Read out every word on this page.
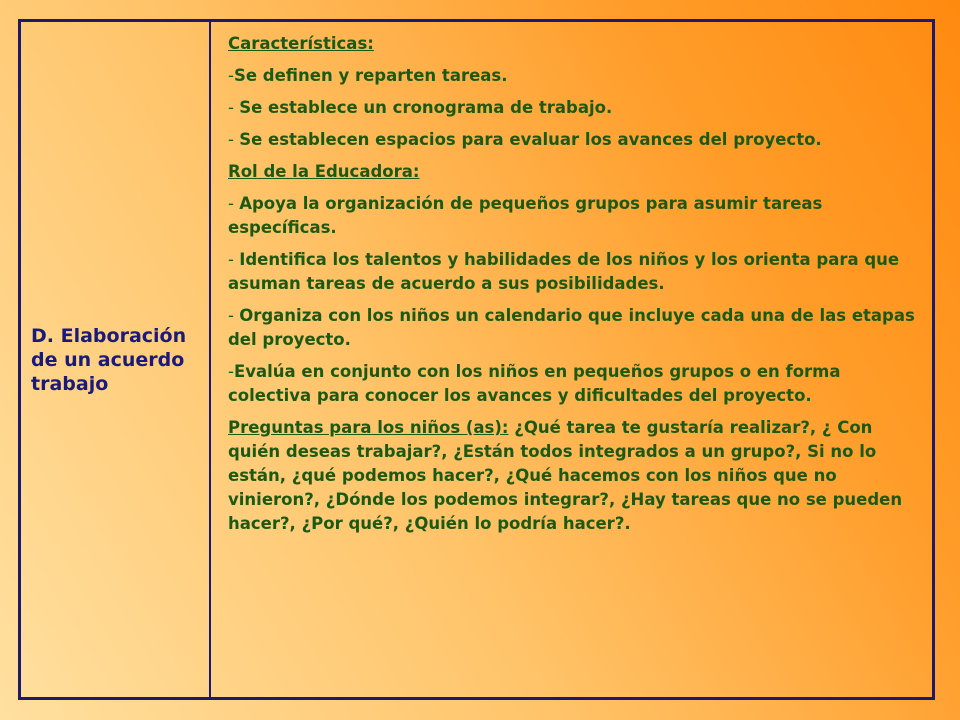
D. Elaboración
de un acuerdo
trabajo

Características:

-Se definen y reparten tareas.

- Se establece un cronograma de trabajo.

- Se establecen espacios para evaluar los avances del proyecto.

Rol de la Educadora:

- Apoya la organización de pequeños grupos para asumir tareas específicas.

- Identifica los talentos y habilidades de los niños y los orienta para que asuman tareas de acuerdo a sus posibilidades.

- Organiza con los niños un calendario que incluye cada una de las etapas del proyecto.

-Evalúa en conjunto con los niños en pequeños grupos o en forma colectiva para conocer los avances y dificultades del proyecto.

Preguntas para los niños (as): ¿Qué tarea te gustaría realizar?, ¿ Con quién deseas trabajar?, ¿Están todos integrados a un grupo?, Si no lo están, ¿qué podemos hacer?, ¿Qué hacemos con los niños que no vinieron?, ¿Dónde los podemos integrar?, ¿Hay tareas que no se pueden hacer?, ¿Por qué?, ¿Quién lo podría hacer?.
